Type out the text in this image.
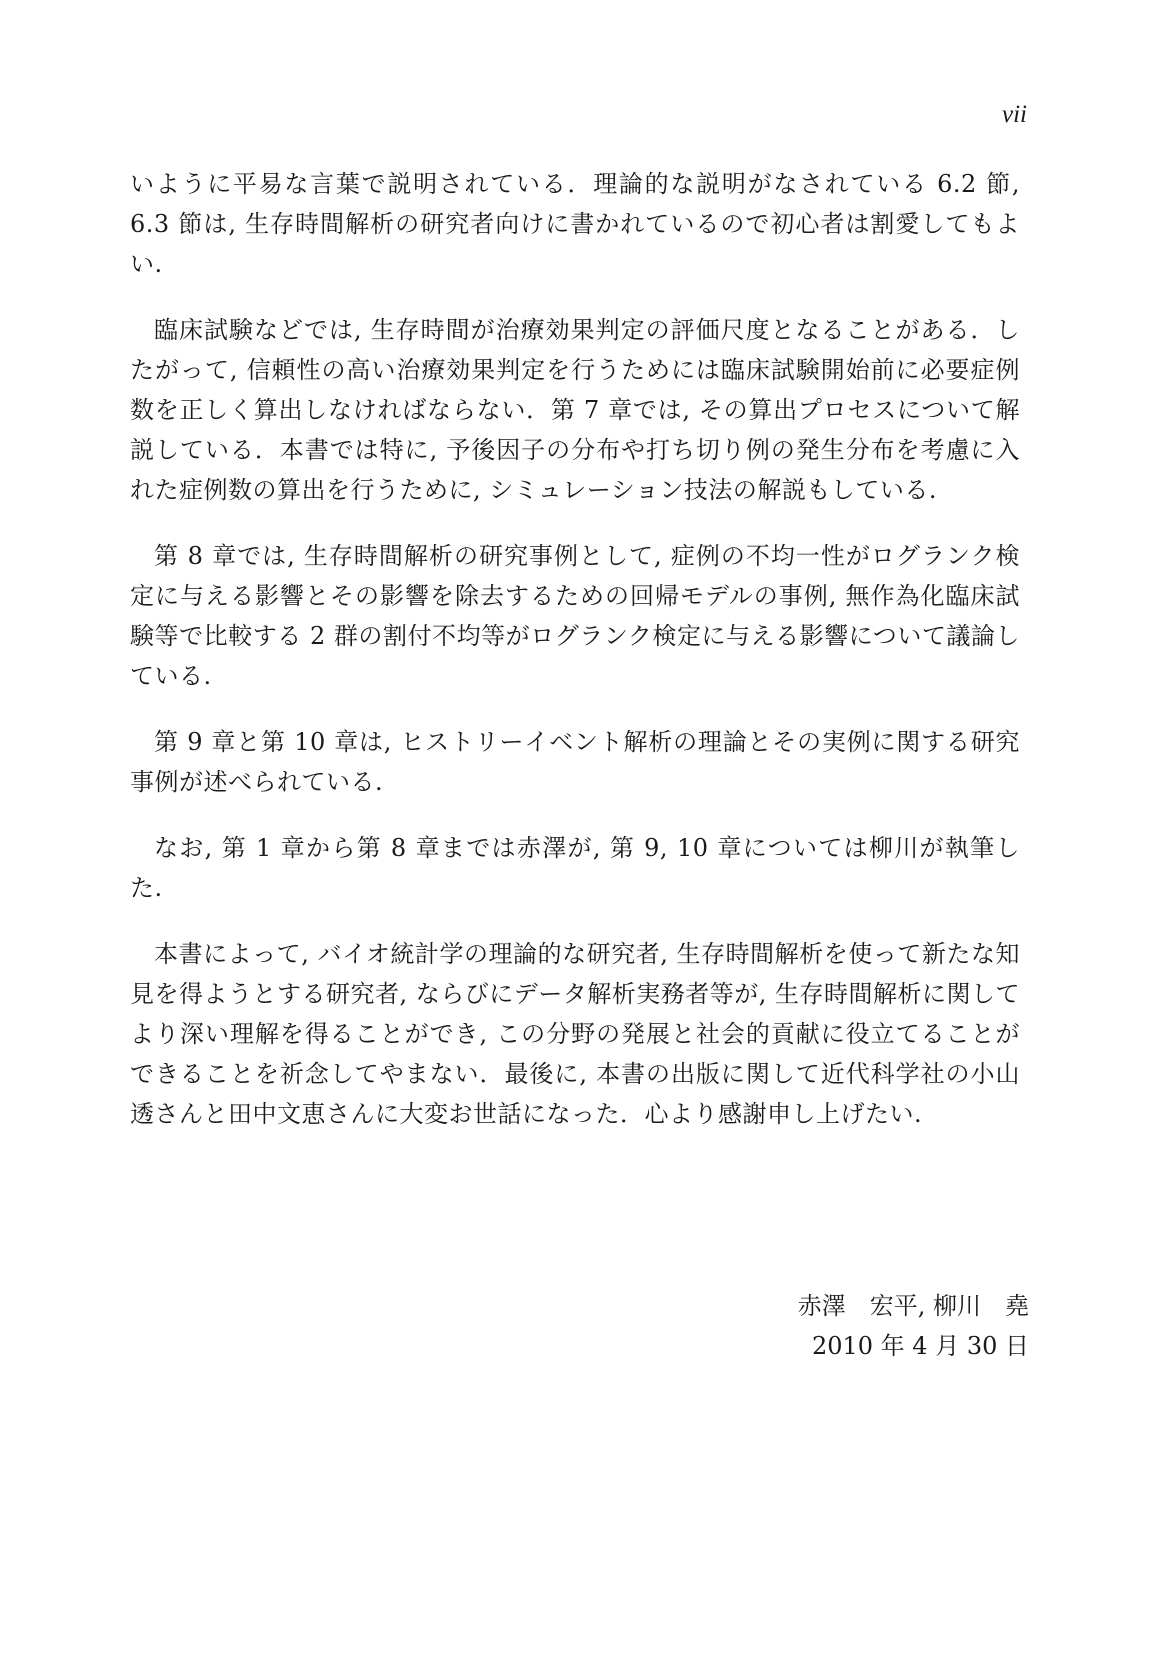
vii

いように平易な言葉で説明されている．理論的な説明がなされている 6.2 節, 6.3 節は, 生存時間解析の研究者向けに書かれているので初心者は割愛してもよい.

臨床試験などでは, 生存時間が治療効果判定の評価尺度となることがある．したがって, 信頼性の高い治療効果判定を行うためには臨床試験開始前に必要症例数を正しく算出しなければならない．第 7 章では, その算出プロセスについて解説している．本書では特に, 予後因子の分布や打ち切り例の発生分布を考慮に入れた症例数の算出を行うために, シミュレーション技法の解説もしている.

第 8 章では, 生存時間解析の研究事例として, 症例の不均一性がログランク検定に与える影響とその影響を除去するための回帰モデルの事例, 無作為化臨床試験等で比較する 2 群の割付不均等がログランク検定に与える影響について議論している.

第 9 章と第 10 章は, ヒストリーイベント解析の理論とその実例に関する研究事例が述べられている.

なお, 第 1 章から第 8 章までは赤澤が, 第 9, 10 章については柳川が執筆した.

本書によって, バイオ統計学の理論的な研究者, 生存時間解析を使って新たな知見を得ようとする研究者, ならびにデータ解析実務者等が, 生存時間解析に関してより深い理解を得ることができ, この分野の発展と社会的貢献に役立てることができることを祈念してやまない．最後に, 本書の出版に関して近代科学社の小山透さんと田中文恵さんに大変お世話になった．心より感謝申し上げたい.

赤澤　宏平, 柳川　堯
2010 年 4 月 30 日
